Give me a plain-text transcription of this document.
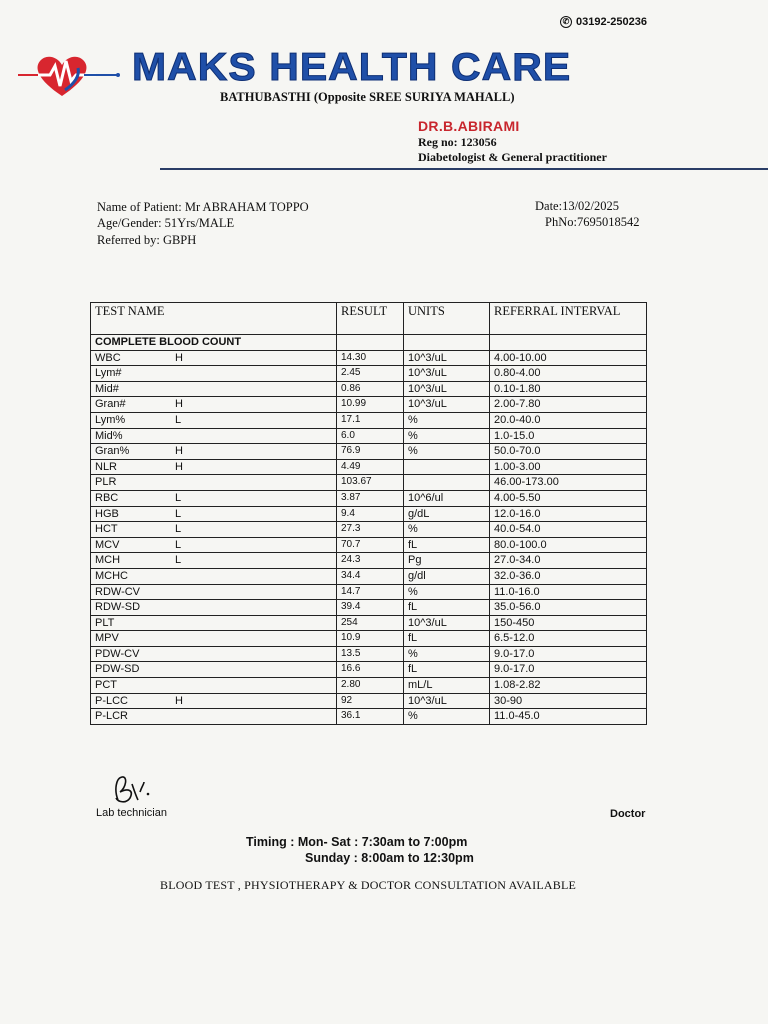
✆ 03192-250236
MAKS HEALTH CARE
BATHUBASTHI (Opposite SREE SURIYA MAHALL)
DR.B.ABIRAMI
Reg no: 123056
Diabetologist & General practitioner
Name of Patient: Mr ABRAHAM TOPPO
Age/Gender: 51Yrs/MALE
Referred by: GBPH
Date:13/02/2025
PhNo:7695018542
TEST NAME	RESULT	UNITS	REFERRAL INTERVAL
COMPLETE BLOOD COUNT			
WBC H	14.30	10^3/uL	4.00-10.00
Lym#	2.45	10^3/uL	0.80-4.00
Mid#	0.86	10^3/uL	0.10-1.80
Gran# H	10.99	10^3/uL	2.00-7.80
Lym% L	17.1	%	20.0-40.0
Mid%	6.0	%	1.0-15.0
Gran% H	76.9	%	50.0-70.0
NLR H	4.49		1.00-3.00
PLR	103.67		46.00-173.00
RBC L	3.87	10^6/ul	4.00-5.50
HGB L	9.4	g/dL	12.0-16.0
HCT L	27.3	%	40.0-54.0
MCV L	70.7	fL	80.0-100.0
MCH L	24.3	Pg	27.0-34.0
MCHC	34.4	g/dl	32.0-36.0
RDW-CV	14.7	%	11.0-16.0
RDW-SD	39.4	fL	35.0-56.0
PLT	254	10^3/uL	150-450
MPV	10.9	fL	6.5-12.0
PDW-CV	13.5	%	9.0-17.0
PDW-SD	16.6	fL	9.0-17.0
PCT	2.80	mL/L	1.08-2.82
P-LCC H	92	10^3/uL	30-90
P-LCR	36.1	%	11.0-45.0
Lab technician	Doctor
Timing : Mon- Sat : 7:30am to 7:00pm
Sunday : 8:00am to 12:30pm
BLOOD TEST , PHYSIOTHERAPY & DOCTOR CONSULTATION AVAILABLE
